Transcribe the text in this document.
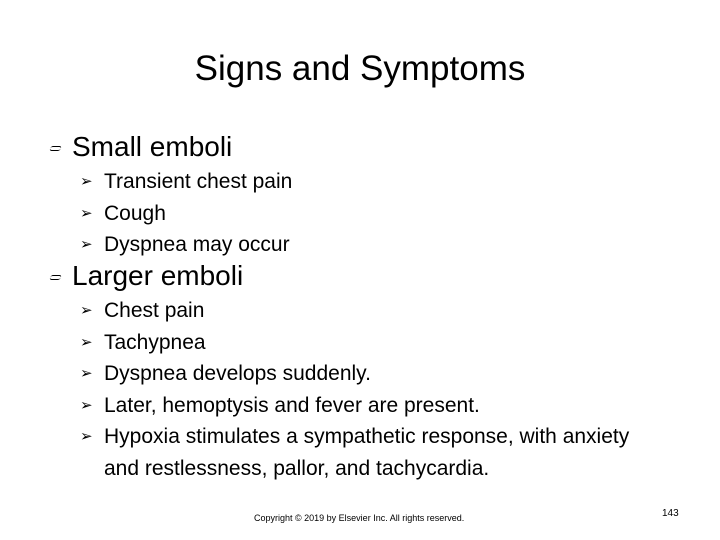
Signs and Symptoms
Small emboli
➢ Transient chest pain
➢ Cough
➢ Dyspnea may occur
Larger emboli
➢ Chest pain
➢ Tachypnea
➢ Dyspnea develops suddenly.
➢ Later, hemoptysis and fever are present.
➢ Hypoxia stimulates a sympathetic response, with anxiety and restlessness, pallor, and tachycardia.
Copyright © 2019 by Elsevier Inc. All rights reserved.	143
